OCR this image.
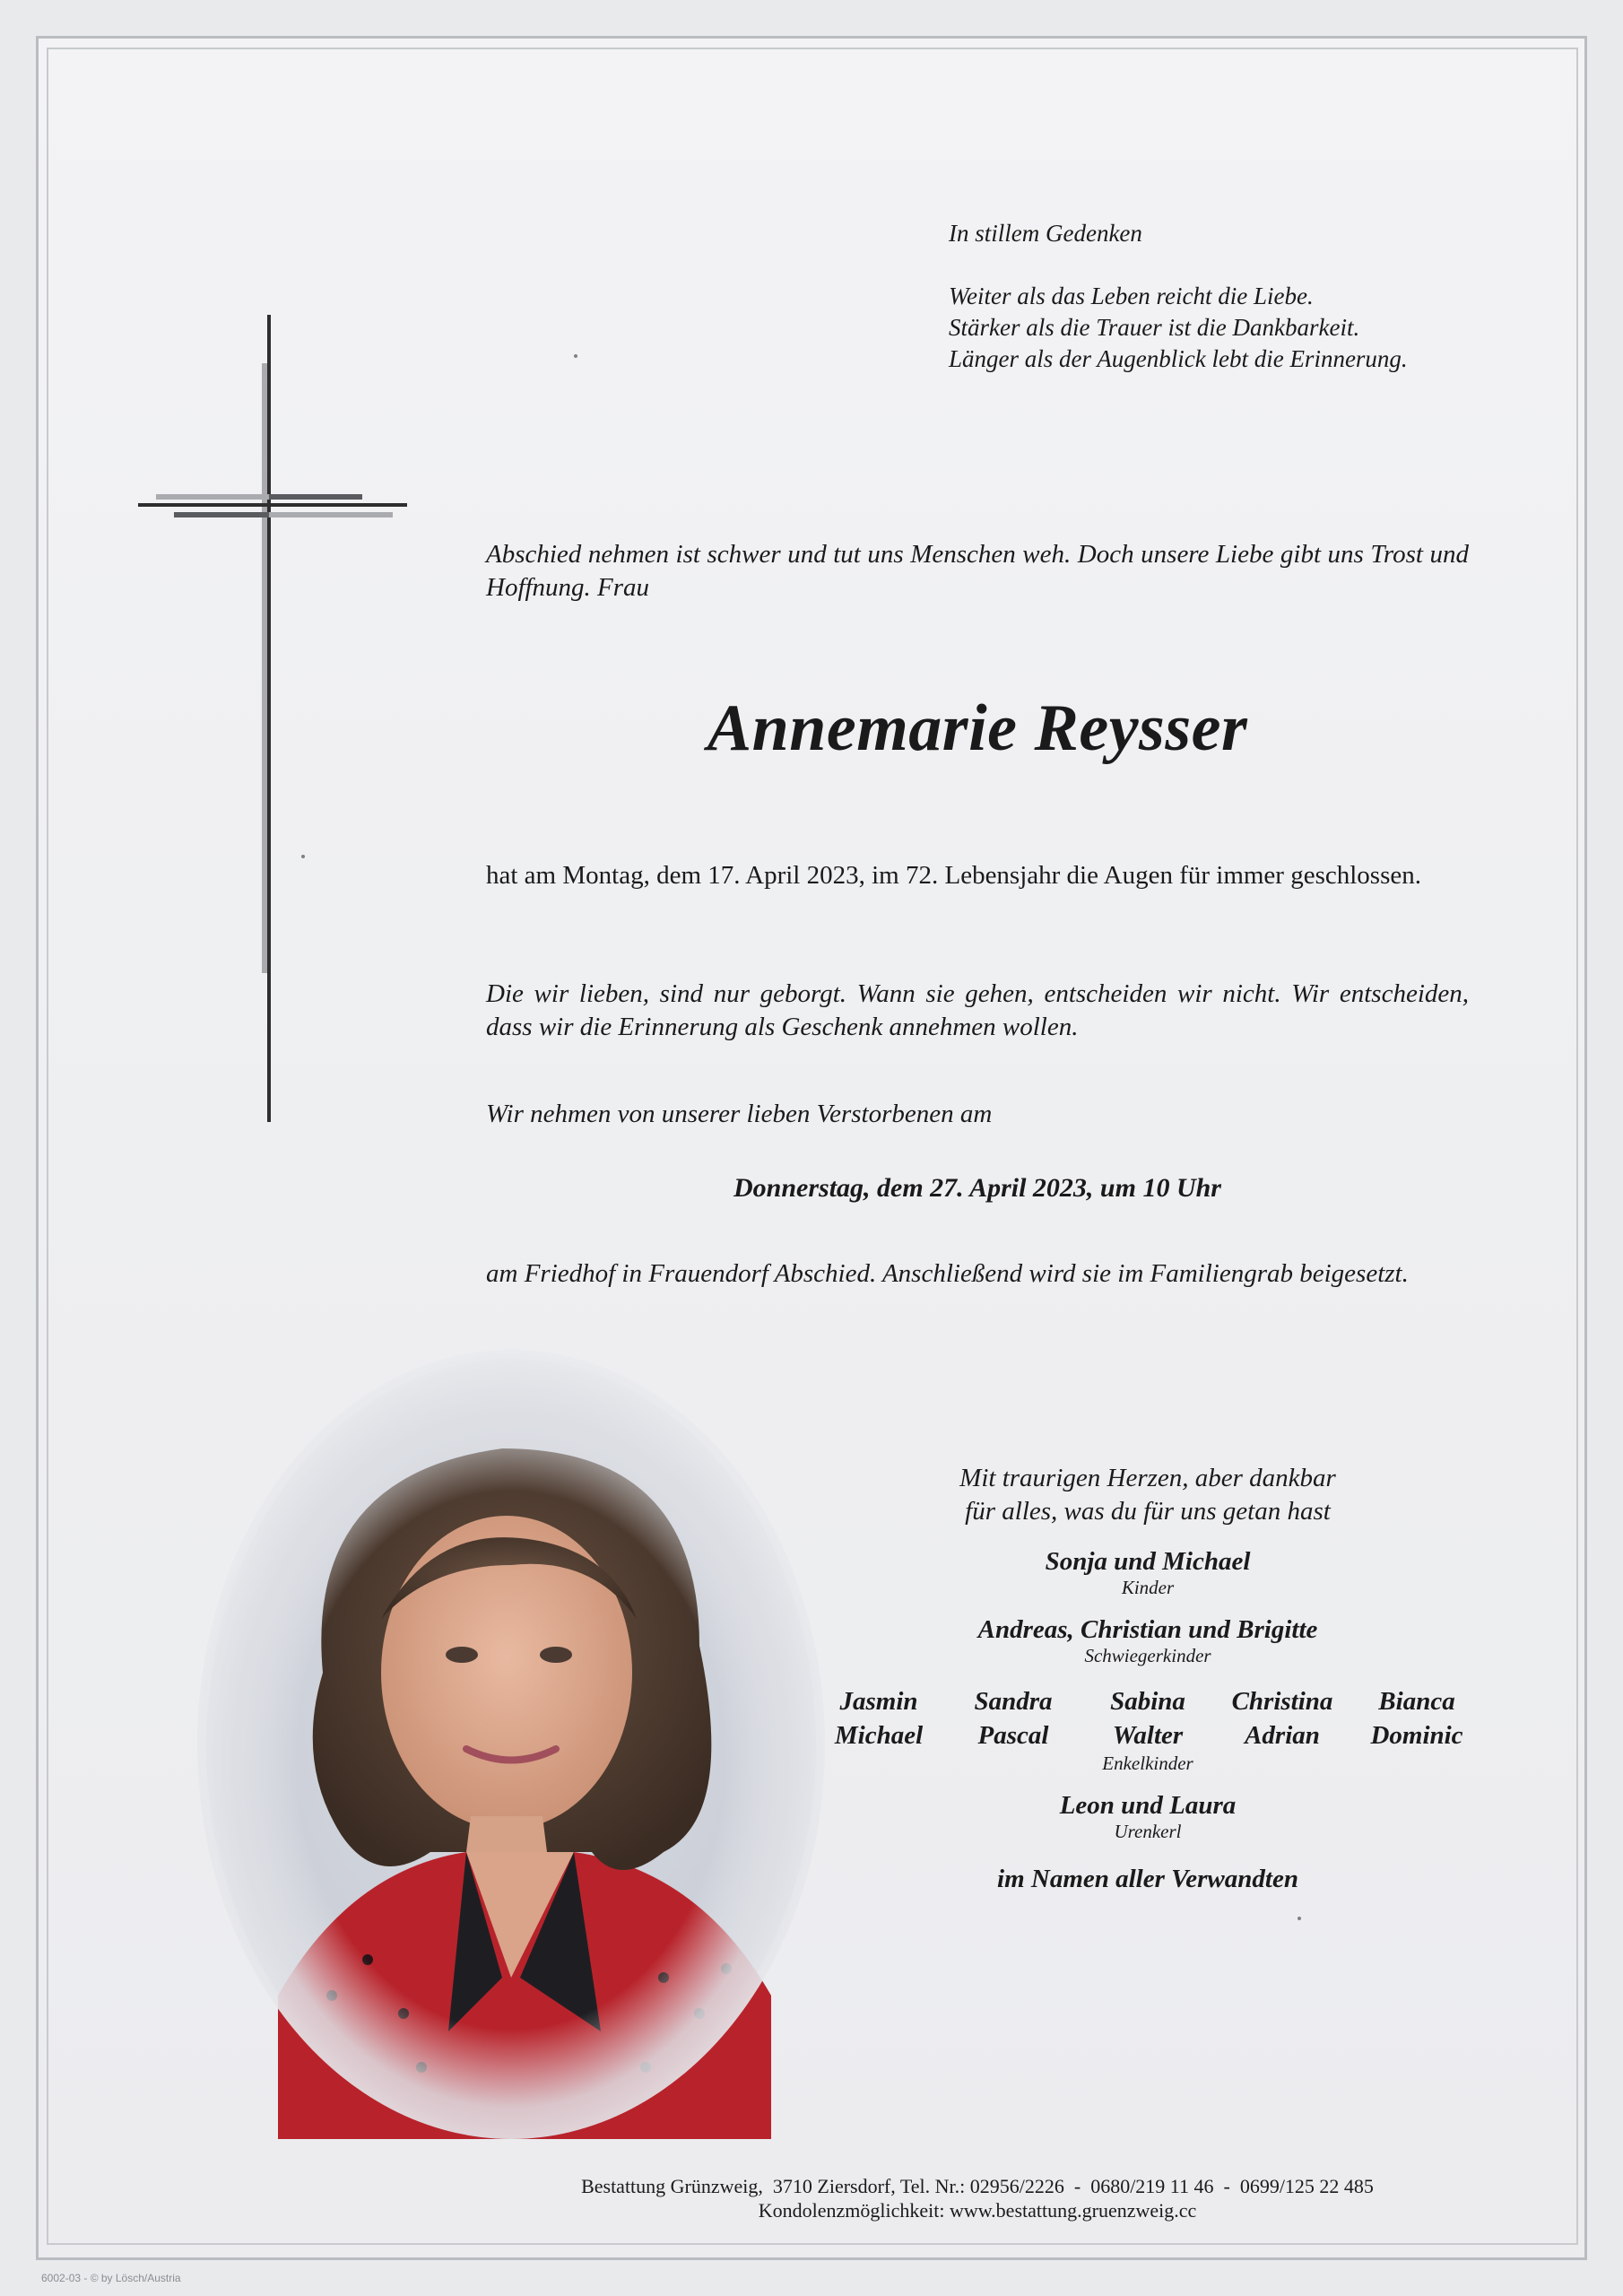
In stillem Gedenken
Weiter als das Leben reicht die Liebe.
Stärker als die Trauer ist die Dankbarkeit.
Länger als der Augenblick lebt die Erinnerung.
Abschied nehmen ist schwer und tut uns Menschen weh. Doch unsere Liebe gibt uns Trost und Hoffnung. Frau
Annemarie Reysser
hat am Montag, dem 17. April 2023, im 72. Lebensjahr die Augen für immer geschlossen.
Die wir lieben, sind nur geborgt. Wann sie gehen, entscheiden wir nicht. Wir entscheiden, dass wir die Erinnerung als Geschenk annehmen wollen.
Wir nehmen von unserer lieben Verstorbenen am
Donnerstag, dem 27. April 2023, um 10 Uhr
am Friedhof in Frauendorf Abschied. Anschließend wird sie im Familiengrab beigesetzt.
Mit traurigen Herzen, aber dankbar
für alles, was du für uns getan hast
Sonja und Michael
Kinder
Andreas, Christian und Brigitte
Schwiegerkinder
Jasmin
Michael
Sandra
Pascal
Sabina
Walter
Christina
Adrian
Bianca
Dominic
Enkelkinder
Leon und Laura
Urenkerl
im Namen aller Verwandten
Bestattung Grünzweig,  3710 Ziersdorf, Tel. Nr.: 02956/2226  -  0680/219 11 46  -  0699/125 22 485
Kondolenzmöglichkeit: www.bestattung.gruenzweig.cc
6002-03 - © by Lösch/Austria
